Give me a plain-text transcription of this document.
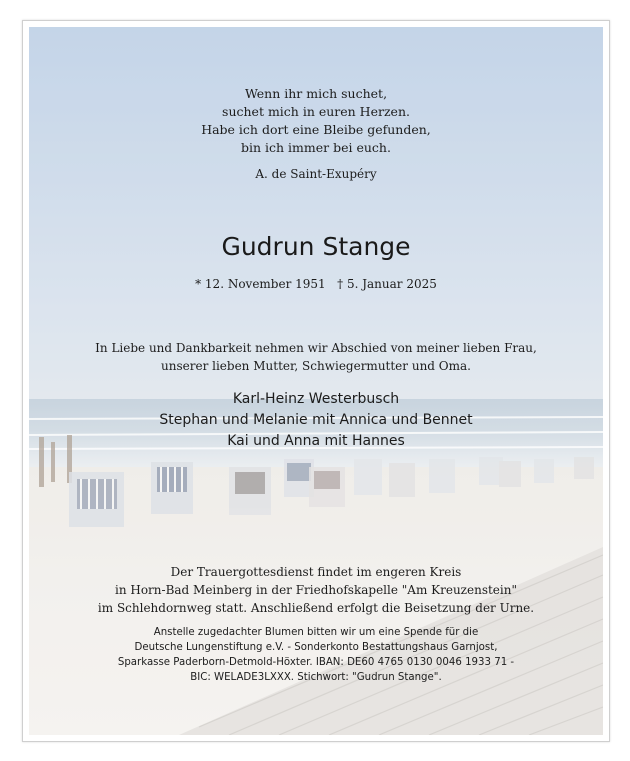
Wenn ihr mich suchet,
suchet mich in euren Herzen.
Habe ich dort eine Bleibe gefunden,
bin ich immer bei euch.
A. de Saint-Exupéry
Gudrun Stange
* 12. November 1951 † 5. Januar 2025
In Liebe und Dankbarkeit nehmen wir Abschied von meiner lieben Frau,
unserer lieben Mutter, Schwiegermutter und Oma.
Karl-Heinz Westerbusch
Stephan und Melanie mit Annica und Bennet
Kai und Anna mit Hannes
Der Trauergottesdienst findet im engeren Kreis
in Horn-Bad Meinberg in der Friedhofskapelle "Am Kreuzenstein"
im Schlehdornweg statt. Anschließend erfolgt die Beisetzung der Urne.
Anstelle zugedachter Blumen bitten wir um eine Spende für die
Deutsche Lungenstiftung e.V. - Sonderkonto Bestattungshaus Garnjost,
Sparkasse Paderborn-Detmold-Höxter. IBAN: DE60 4765 0130 0046 1933 71 -
BIC: WELADE3LXXX. Stichwort: "Gudrun Stange".
